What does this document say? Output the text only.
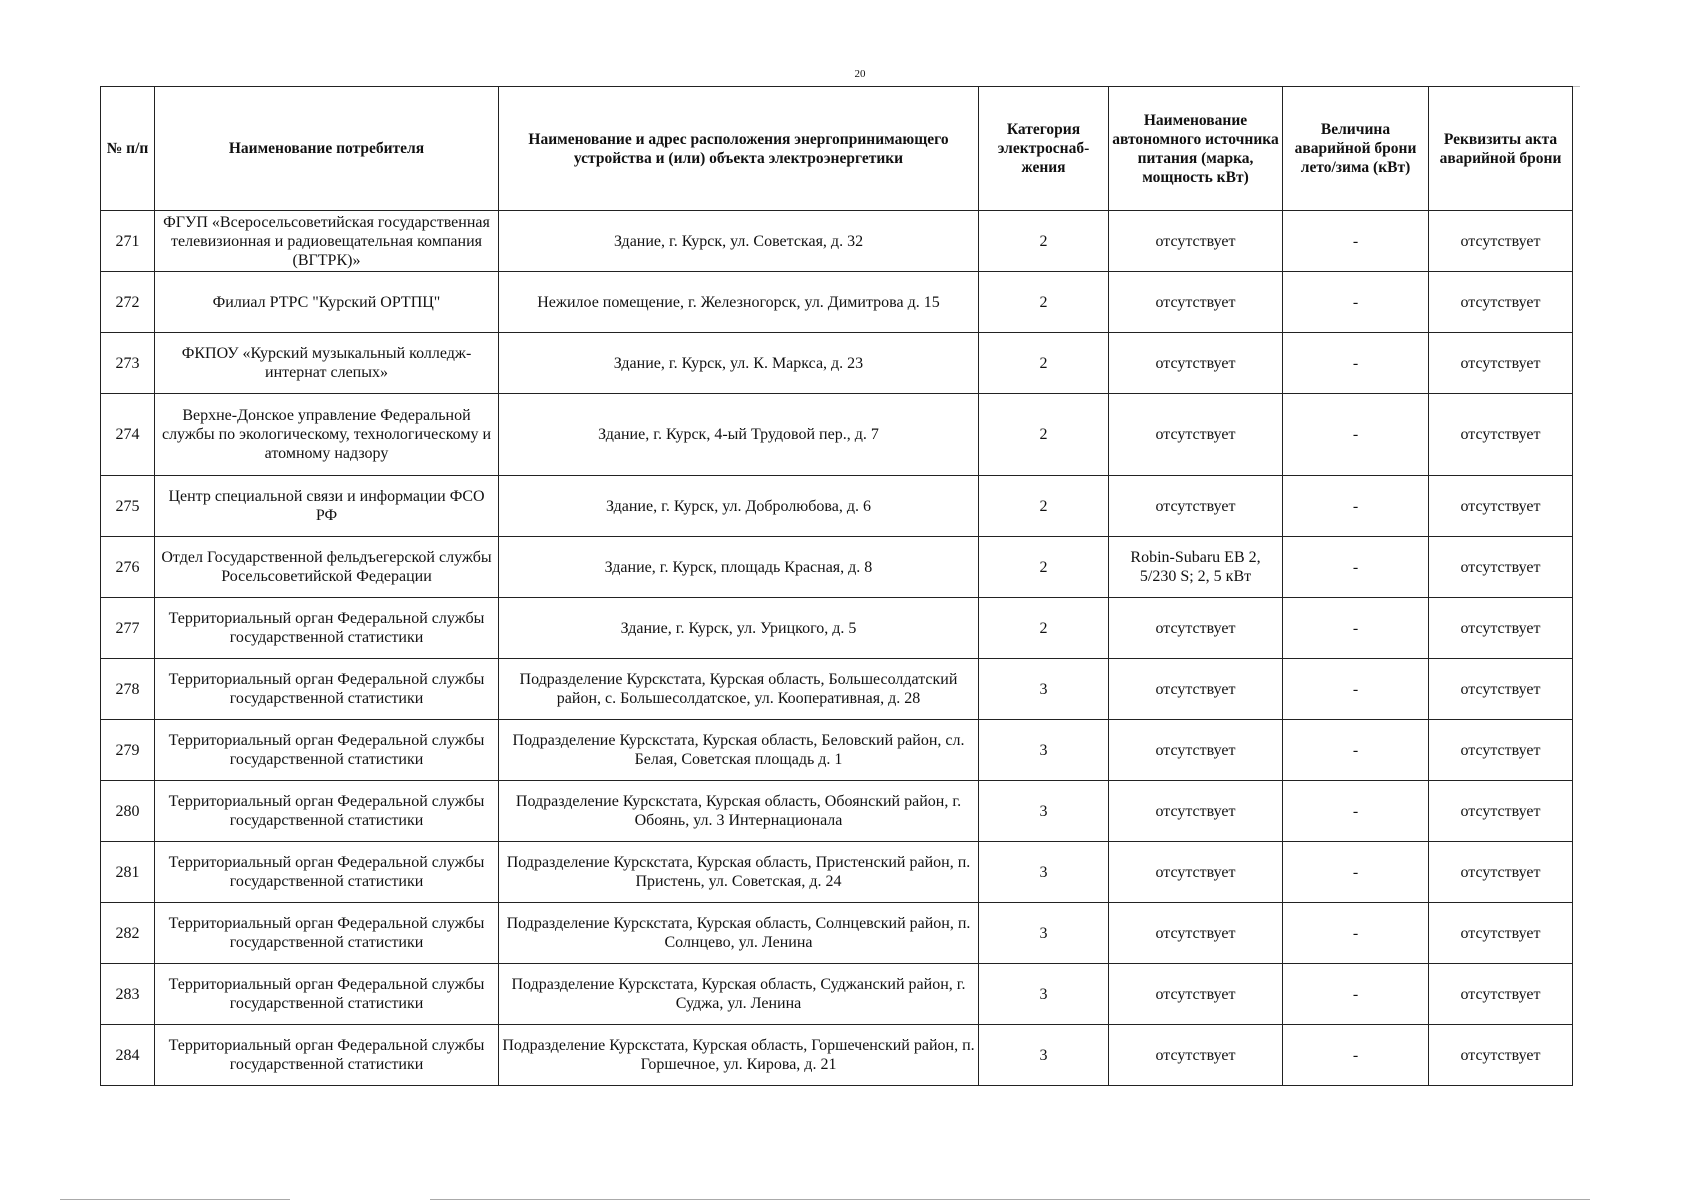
20
№ п/п	Наименование потребителя	Наименование и адрес расположения энергопринимающего устройства и (или) объекта электроэнергетики	Категория электроснаб-жения	Наименование автономного источника питания (марка, мощность кВт)	Величина аварийной брони лето/зима (кВт)	Реквизиты акта аварийной брони
271	ФГУП «Всеросельсоветийская государственная телевизионная и радиовещательная компания (ВГТРК)»	Здание, г. Курск, ул. Советская, д. 32	2	отсутствует	-	отсутствует
272	Филиал РТРС "Курский ОРТПЦ"	Нежилое помещение, г. Железногорск, ул. Димитрова д. 15	2	отсутствует	-	отсутствует
273	ФКПОУ «Курский музыкальный колледж-интернат слепых»	Здание, г. Курск, ул. К. Маркса, д. 23	2	отсутствует	-	отсутствует
274	Верхне-Донское управление Федеральной службы по экологическому, технологическому и атомному надзору	Здание, г. Курск, 4-ый Трудовой пер., д. 7	2	отсутствует	-	отсутствует
275	Центр специальной связи и информации ФСО РФ	Здание, г. Курск, ул. Добролюбова, д. 6	2	отсутствует	-	отсутствует
276	Отдел Государственной фельдъегерской службы Росельсоветийской Федерации	Здание, г. Курск, площадь Красная, д. 8	2	Robin-Subaru EB 2, 5/230 S; 2, 5 кВт	-	отсутствует
277	Территориальный орган Федеральной службы государственной статистики	Здание, г. Курск, ул. Урицкого, д. 5	2	отсутствует	-	отсутствует
278	Территориальный орган Федеральной службы государственной статистики	Подразделение Курскстата, Курская область, Большесолдатский район, с. Большесолдатское, ул. Кооперативная, д. 28	3	отсутствует	-	отсутствует
279	Территориальный орган Федеральной службы государственной статистики	Подразделение Курскстата, Курская область, Беловский район, сл. Белая, Советская площадь д. 1	3	отсутствует	-	отсутствует
280	Территориальный орган Федеральной службы государственной статистики	Подразделение Курскстата, Курская область, Обоянский район, г. Обоянь, ул. 3 Интернационала	3	отсутствует	-	отсутствует
281	Территориальный орган Федеральной службы государственной статистики	Подразделение Курскстата, Курская область, Пристенский район, п. Пристень, ул. Советская, д. 24	3	отсутствует	-	отсутствует
282	Территориальный орган Федеральной службы государственной статистики	Подразделение Курскстата, Курская область, Солнцевский район, п. Солнцево, ул. Ленина	3	отсутствует	-	отсутствует
283	Территориальный орган Федеральной службы государственной статистики	Подразделение Курскстата, Курская область, Суджанский район, г. Суджа, ул. Ленина	3	отсутствует	-	отсутствует
284	Территориальный орган Федеральной службы государственной статистики	Подразделение Курскстата, Курская область, Горшеченский район, п. Горшечное, ул. Кирова, д. 21	3	отсутствует	-	отсутствует
